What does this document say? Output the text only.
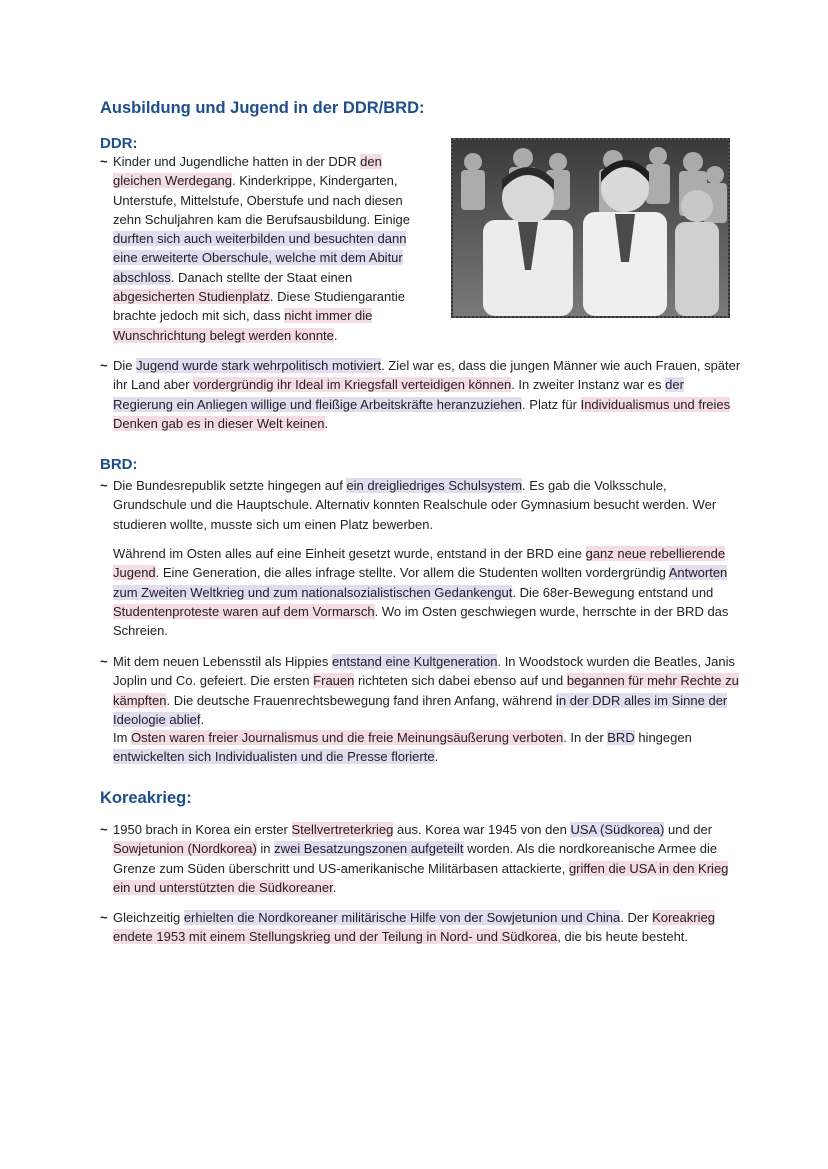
Ausbildung und Jugend in der DDR/BRD:
DDR:

~ Kinder und Jugendliche hatten in der DDR den gleichen Werdegang. Kinderkrippe, Kindergarten, Unterstufe, Mittelstufe, Oberstufe und nach diesen zehn Schuljahren kam die Berufsausbildung. Einige durften sich auch weiterbilden und besuchten dann eine erweiterte Oberschule, welche mit dem Abitur abschloss. Danach stellte der Staat einen abgesicherten Studienplatz. Diese Studiengarantie brachte jedoch mit sich, dass nicht immer die Wunschrichtung belegt werden konnte.

~ Die Jugend wurde stark wehrpolitisch motiviert. Ziel war es, dass die jungen Männer wie auch Frauen, später ihr Land aber vordergründig ihr Ideal im Kriegsfall verteidigen können. In zweiter Instanz war es der Regierung ein Anliegen willige und fleißige Arbeitskräfte heranzuziehen. Platz für Individualismus und freies Denken gab es in dieser Welt keinen.

BRD:

~ Die Bundesrepublik setzte hingegen auf ein dreigliedriges Schulsystem. Es gab die Volksschule, Grundschule und die Hauptschule. Alternativ konnten Realschule oder Gymnasium besucht werden. Wer studieren wollte, musste sich um einen Platz bewerben.

Während im Osten alles auf eine Einheit gesetzt wurde, entstand in der BRD eine ganz neue rebellierende Jugend. Eine Generation, die alles infrage stellte. Vor allem die Studenten wollten vordergründig Antworten zum Zweiten Weltkrieg und zum nationalsozialistischen Gedankengut. Die 68er-Bewegung entstand und Studentenproteste waren auf dem Vormarsch. Wo im Osten geschwiegen wurde, herrschte in der BRD das Schreien.

~ Mit dem neuen Lebensstil als Hippies entstand eine Kultgeneration. In Woodstock wurden die Beatles, Janis Joplin und Co. gefeiert. Die ersten Frauen richteten sich dabei ebenso auf und begannen für mehr Rechte zu kämpften. Die deutsche Frauenrechtsbewegung fand ihren Anfang, während in der DDR alles im Sinne der Ideologie ablief.

Im Osten waren freier Journalismus und die freie Meinungsäußerung verboten. In der BRD hingegen entwickelten sich Individualisten und die Presse florierte.

Koreakrieg:

~ 1950 brach in Korea ein erster Stellvertreterkrieg aus. Korea war 1945 von den USA (Südkorea) und der Sowjetunion (Nordkorea) in zwei Besatzungszonen aufgeteilt worden. Als die nordkoreanische Armee die Grenze zum Süden überschritt und US-amerikanische Militärbasen attackierte, griffen die USA in den Krieg ein und unterstützten die Südkoreaner.

~ Gleichzeitig erhielten die Nordkoreaner militärische Hilfe von der Sowjetunion und China. Der Koreakrieg endete 1953 mit einem Stellungskrieg und der Teilung in Nord- und Südkorea, die bis heute besteht.
